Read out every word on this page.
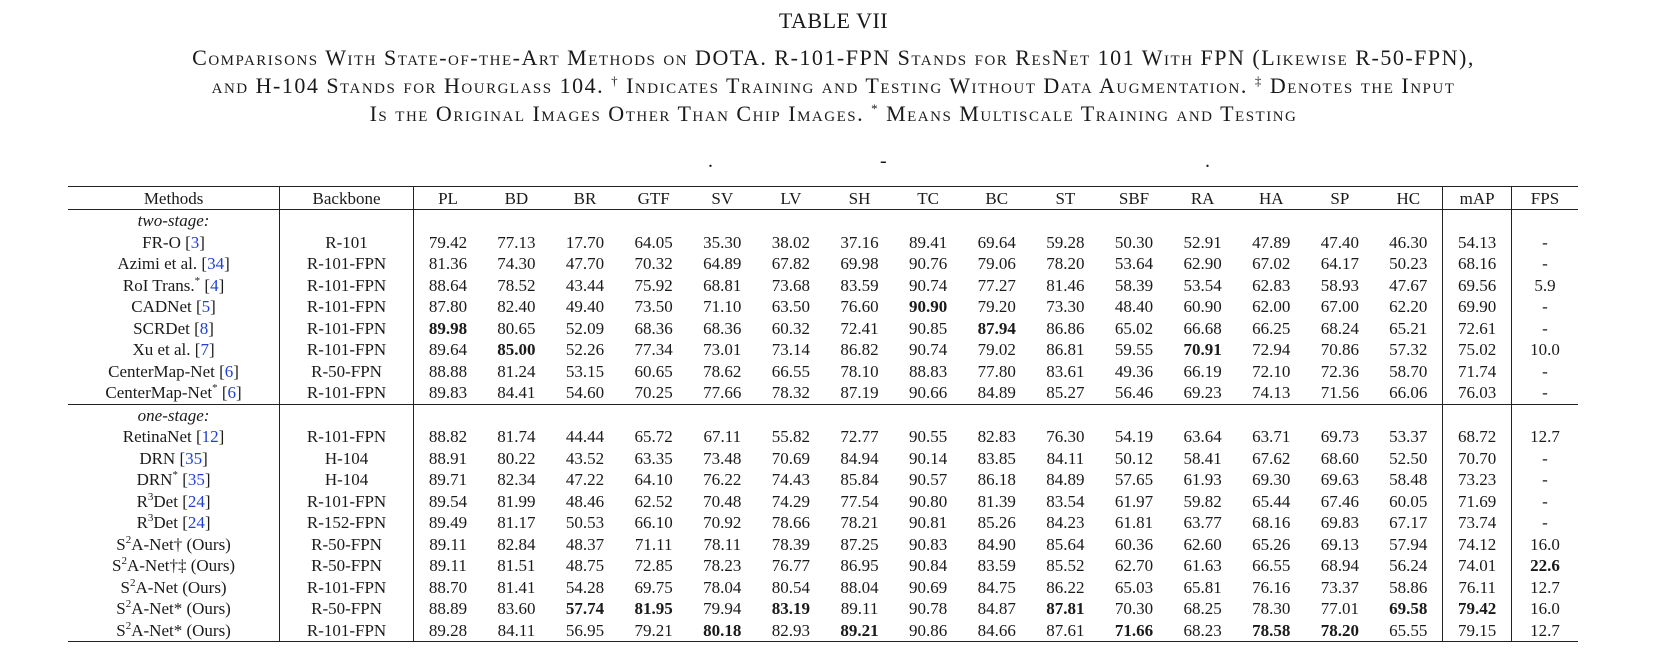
TABLE VII
Comparisons With State-of-the-Art Methods on DOTA. R-101-FPN Stands for ResNet 101 With FPN (Likewise R-50-FPN),
and H-104 Stands for Hourglass 104. † Indicates Training and Testing Without Data Augmentation. ‡ Denotes the Input
Is the Original Images Other Than Chip Images. * Means Multiscale Training and Testing
.	-	.
Methods	Backbone	PL	BD	BR	GTF	SV	LV	SH	TC	BC	ST	SBF	RA	HA	SP	HC	mAP	FPS
two-stage:																		
FR-O [3]	R-101	79.42	77.13	17.70	64.05	35.30	38.02	37.16	89.41	69.64	59.28	50.30	52.91	47.89	47.40	46.30	54.13	-
Azimi et al. [34]	R-101-FPN	81.36	74.30	47.70	70.32	64.89	67.82	69.98	90.76	79.06	78.20	53.64	62.90	67.02	64.17	50.23	68.16	-
RoI Trans.* [4]	R-101-FPN	88.64	78.52	43.44	75.92	68.81	73.68	83.59	90.74	77.27	81.46	58.39	53.54	62.83	58.93	47.67	69.56	5.9
CADNet [5]	R-101-FPN	87.80	82.40	49.40	73.50	71.10	63.50	76.60	90.90	79.20	73.30	48.40	60.90	62.00	67.00	62.20	69.90	-
SCRDet [8]	R-101-FPN	89.98	80.65	52.09	68.36	68.36	60.32	72.41	90.85	87.94	86.86	65.02	66.68	66.25	68.24	65.21	72.61	-
Xu et al. [7]	R-101-FPN	89.64	85.00	52.26	77.34	73.01	73.14	86.82	90.74	79.02	86.81	59.55	70.91	72.94	70.86	57.32	75.02	10.0
CenterMap-Net [6]	R-50-FPN	88.88	81.24	53.15	60.65	78.62	66.55	78.10	88.83	77.80	83.61	49.36	66.19	72.10	72.36	58.70	71.74	-
CenterMap-Net* [6]	R-101-FPN	89.83	84.41	54.60	70.25	77.66	78.32	87.19	90.66	84.89	85.27	56.46	69.23	74.13	71.56	66.06	76.03	-
one-stage:																		
RetinaNet [12]	R-101-FPN	88.82	81.74	44.44	65.72	67.11	55.82	72.77	90.55	82.83	76.30	54.19	63.64	63.71	69.73	53.37	68.72	12.7
DRN [35]	H-104	88.91	80.22	43.52	63.35	73.48	70.69	84.94	90.14	83.85	84.11	50.12	58.41	67.62	68.60	52.50	70.70	-
DRN* [35]	H-104	89.71	82.34	47.22	64.10	76.22	74.43	85.84	90.57	86.18	84.89	57.65	61.93	69.30	69.63	58.48	73.23	-
$R^3Det$ [24]	R-101-FPN	89.54	81.99	48.46	62.52	70.48	74.29	77.54	90.80	81.39	83.54	61.97	59.82	65.44	67.46	60.05	71.69	-
$R^3Det$ [24]	R-152-FPN	89.49	81.17	50.53	66.10	70.92	78.66	78.21	90.81	85.26	84.23	61.81	63.77	68.16	69.83	67.17	73.74	-
$S^2A-Net\dagger$ (Ours)	R-50-FPN	89.11	82.84	48.37	71.11	78.11	78.39	87.25	90.83	84.90	85.64	60.36	62.60	65.26	69.13	57.94	74.12	16.0
$S^2A-Net\dagger\ddagger$ (Ours)	R-50-FPN	89.11	81.51	48.75	72.85	78.23	76.77	86.95	90.84	83.59	85.52	62.70	61.63	66.55	68.94	56.24	74.01	22.6
$S^2A$-Net (Ours)	R-101-FPN	88.70	81.41	54.28	69.75	78.04	80.54	88.04	90.69	84.75	86.22	65.03	65.81	76.16	73.37	58.86	76.11	12.7
$S^2A-Net*$ (Ours)	R-50-FPN	88.89	83.60	57.74	81.95	79.94	83.19	89.11	90.78	84.87	87.81	70.30	68.25	78.30	77.01	69.58	79.42	16.0
$S^2A-Net*$ (Ours)	R-101-FPN	89.28	84.11	56.95	79.21	80.18	82.93	89.21	90.86	84.66	87.61	71.66	68.23	78.58	78.20	65.55	79.15	12.7
